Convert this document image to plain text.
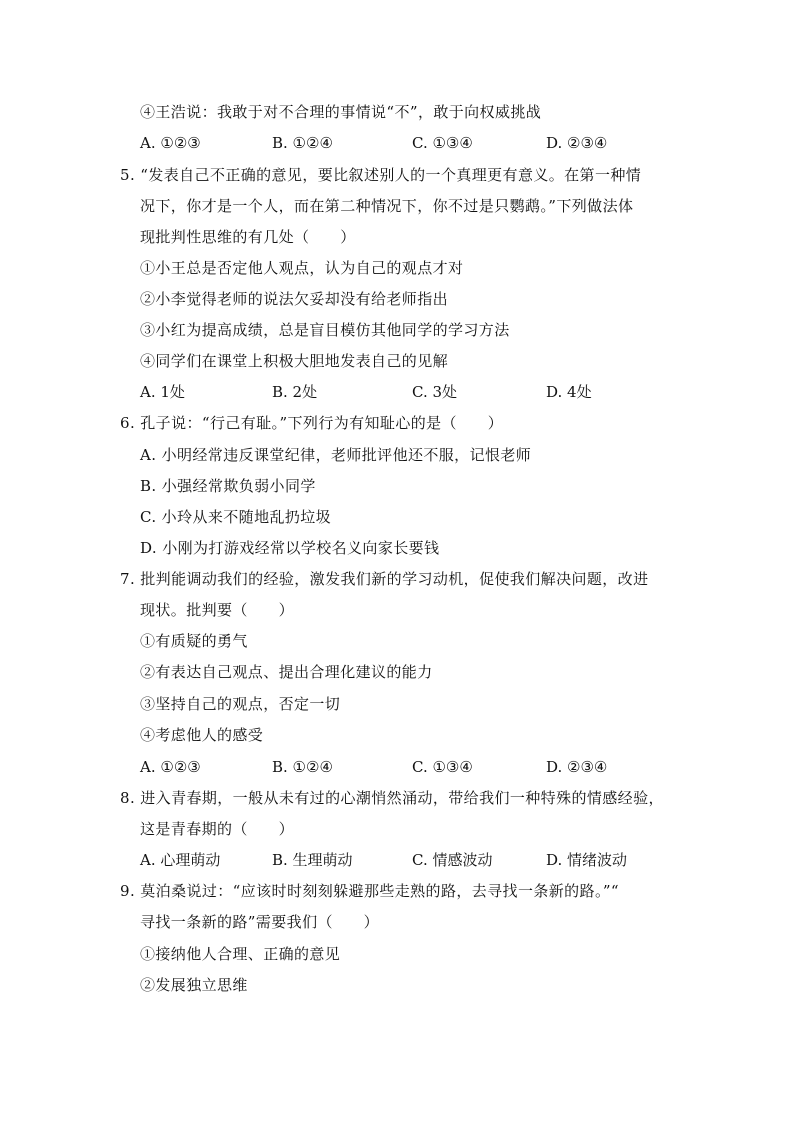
④王浩说：我敢于对不合理的事情说“不”，敢于向权威挑战
A. ①②③	B. ①②④	C. ①③④	D. ②③④
5. “发表自己不正确的意见，要比叙述别人的一个真理更有意义。在第一种情
况下，你才是一个人，而在第二种情况下，你不过是只鹦鹉。”下列做法体
现批判性思维的有几处（　　）
①小王总是否定他人观点，认为自己的观点才对
②小李觉得老师的说法欠妥却没有给老师指出
③小红为提高成绩，总是盲目模仿其他同学的学习方法
④同学们在课堂上积极大胆地发表自己的见解
A. 1处	B. 2处	C. 3处	D. 4处
6. 孔子说：“行己有耻。”下列行为有知耻心的是（　　）
A. 小明经常违反课堂纪律，老师批评他还不服，记恨老师
B. 小强经常欺负弱小同学
C. 小玲从来不随地乱扔垃圾
D. 小刚为打游戏经常以学校名义向家长要钱
7. 批判能调动我们的经验，激发我们新的学习动机，促使我们解决问题，改进
现状。批判要（　　）
①有质疑的勇气
②有表达自己观点、提出合理化建议的能力
③坚持自己的观点，否定一切
④考虑他人的感受
A. ①②③	B. ①②④	C. ①③④	D. ②③④
8. 进入青春期，一般从未有过的心潮悄然涌动，带给我们一种特殊的情感经验，
这是青春期的（　　）
A. 心理萌动	B. 生理萌动	C. 情感波动	D. 情绪波动
9. 莫泊桑说过：“应该时时刻刻躲避那些走熟的路，去寻找一条新的路。”“
寻找一条新的路”需要我们（　　）
①接纳他人合理、正确的意见
②发展独立思维
